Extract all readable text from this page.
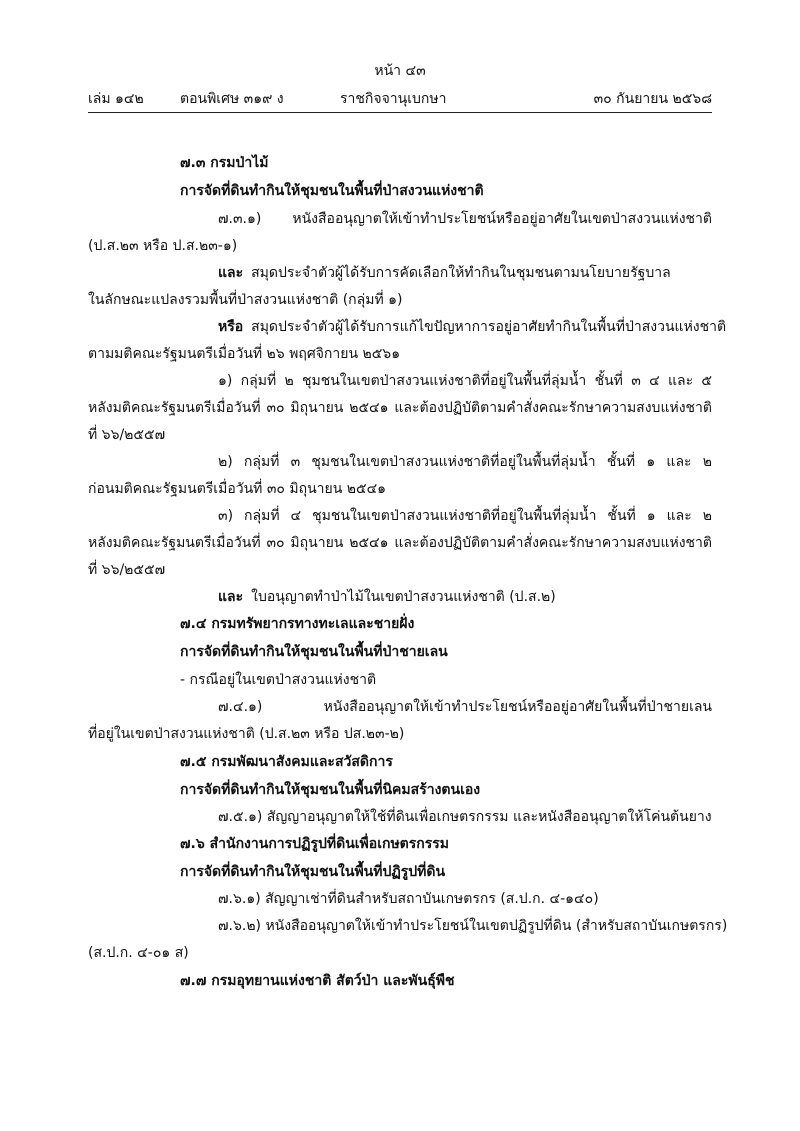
หน้า ๔๓
เล่ม ๑๔๒	ตอนพิเศษ ๓๑๙ ง	ราชกิจจานุเบกษา	๓๐ กันยายน ๒๕๖๘
๗.๓ กรมป่าไม้
การจัดที่ดินทำกินให้ชุมชนในพื้นที่ป่าสงวนแห่งชาติ
๗.๓.๑) หนังสืออนุญาตให้เข้าทำประโยชน์หรืออยู่อาศัยในเขตป่าสงวนแห่งชาติ
(ป.ส.๒๓ หรือ ป.ส.๒๓-๑)
และ สมุดประจำตัวผู้ได้รับการคัดเลือกให้ทำกินในชุมชนตามนโยบายรัฐบาล
ในลักษณะแปลงรวมพื้นที่ป่าสงวนแห่งชาติ (กลุ่มที่ ๑)
หรือ สมุดประจำตัวผู้ได้รับการแก้ไขปัญหาการอยู่อาศัยทำกินในพื้นที่ป่าสงวนแห่งชาติ
ตามมติคณะรัฐมนตรีเมื่อวันที่ ๒๖ พฤศจิกายน ๒๕๖๑
๑) กลุ่มที่ ๒ ชุมชนในเขตป่าสงวนแห่งชาติที่อยู่ในพื้นที่ลุ่มน้ำ ชั้นที่ ๓ ๔ และ ๕
หลังมติคณะรัฐมนตรีเมื่อวันที่ ๓๐ มิถุนายน ๒๕๔๑ และต้องปฏิบัติตามคำสั่งคณะรักษาความสงบแห่งชาติ
ที่ ๖๖/๒๕๕๗
๒) กลุ่มที่ ๓ ชุมชนในเขตป่าสงวนแห่งชาติที่อยู่ในพื้นที่ลุ่มน้ำ ชั้นที่ ๑ และ ๒
ก่อนมติคณะรัฐมนตรีเมื่อวันที่ ๓๐ มิถุนายน ๒๕๔๑
๓) กลุ่มที่ ๔ ชุมชนในเขตป่าสงวนแห่งชาติที่อยู่ในพื้นที่ลุ่มน้ำ ชั้นที่ ๑ และ ๒
หลังมติคณะรัฐมนตรีเมื่อวันที่ ๓๐ มิถุนายน ๒๕๔๑ และต้องปฏิบัติตามคำสั่งคณะรักษาความสงบแห่งชาติ
ที่ ๖๖/๒๕๕๗
และ ใบอนุญาตทำป่าไม้ในเขตป่าสงวนแห่งชาติ (ป.ส.๒)
๗.๔ กรมทรัพยากรทางทะเลและชายฝั่ง
การจัดที่ดินทำกินให้ชุมชนในพื้นที่ป่าชายเลน
- กรณีอยู่ในเขตป่าสงวนแห่งชาติ
๗.๔.๑) หนังสืออนุญาตให้เข้าทำประโยชน์หรืออยู่อาศัยในพื้นที่ป่าชายเลน
ที่อยู่ในเขตป่าสงวนแห่งชาติ (ป.ส.๒๓ หรือ ปส.๒๓-๒)
๗.๕ กรมพัฒนาสังคมและสวัสดิการ
การจัดที่ดินทำกินให้ชุมชนในพื้นที่นิคมสร้างตนเอง
๗.๕.๑) สัญญาอนุญาตให้ใช้ที่ดินเพื่อเกษตรกรรม และหนังสืออนุญาตให้โค่นต้นยาง
๗.๖ สำนักงานการปฏิรูปที่ดินเพื่อเกษตรกรรม
การจัดที่ดินทำกินให้ชุมชนในพื้นที่ปฏิรูปที่ดิน
๗.๖.๑) สัญญาเช่าที่ดินสำหรับสถาบันเกษตรกร (ส.ป.ก. ๔-๑๔๐)
๗.๖.๒) หนังสืออนุญาตให้เข้าทำประโยชน์ในเขตปฏิรูปที่ดิน (สำหรับสถาบันเกษตรกร)
(ส.ป.ก. ๔-๐๑ ส)
๗.๗ กรมอุทยานแห่งชาติ สัตว์ป่า และพันธุ์พืช
